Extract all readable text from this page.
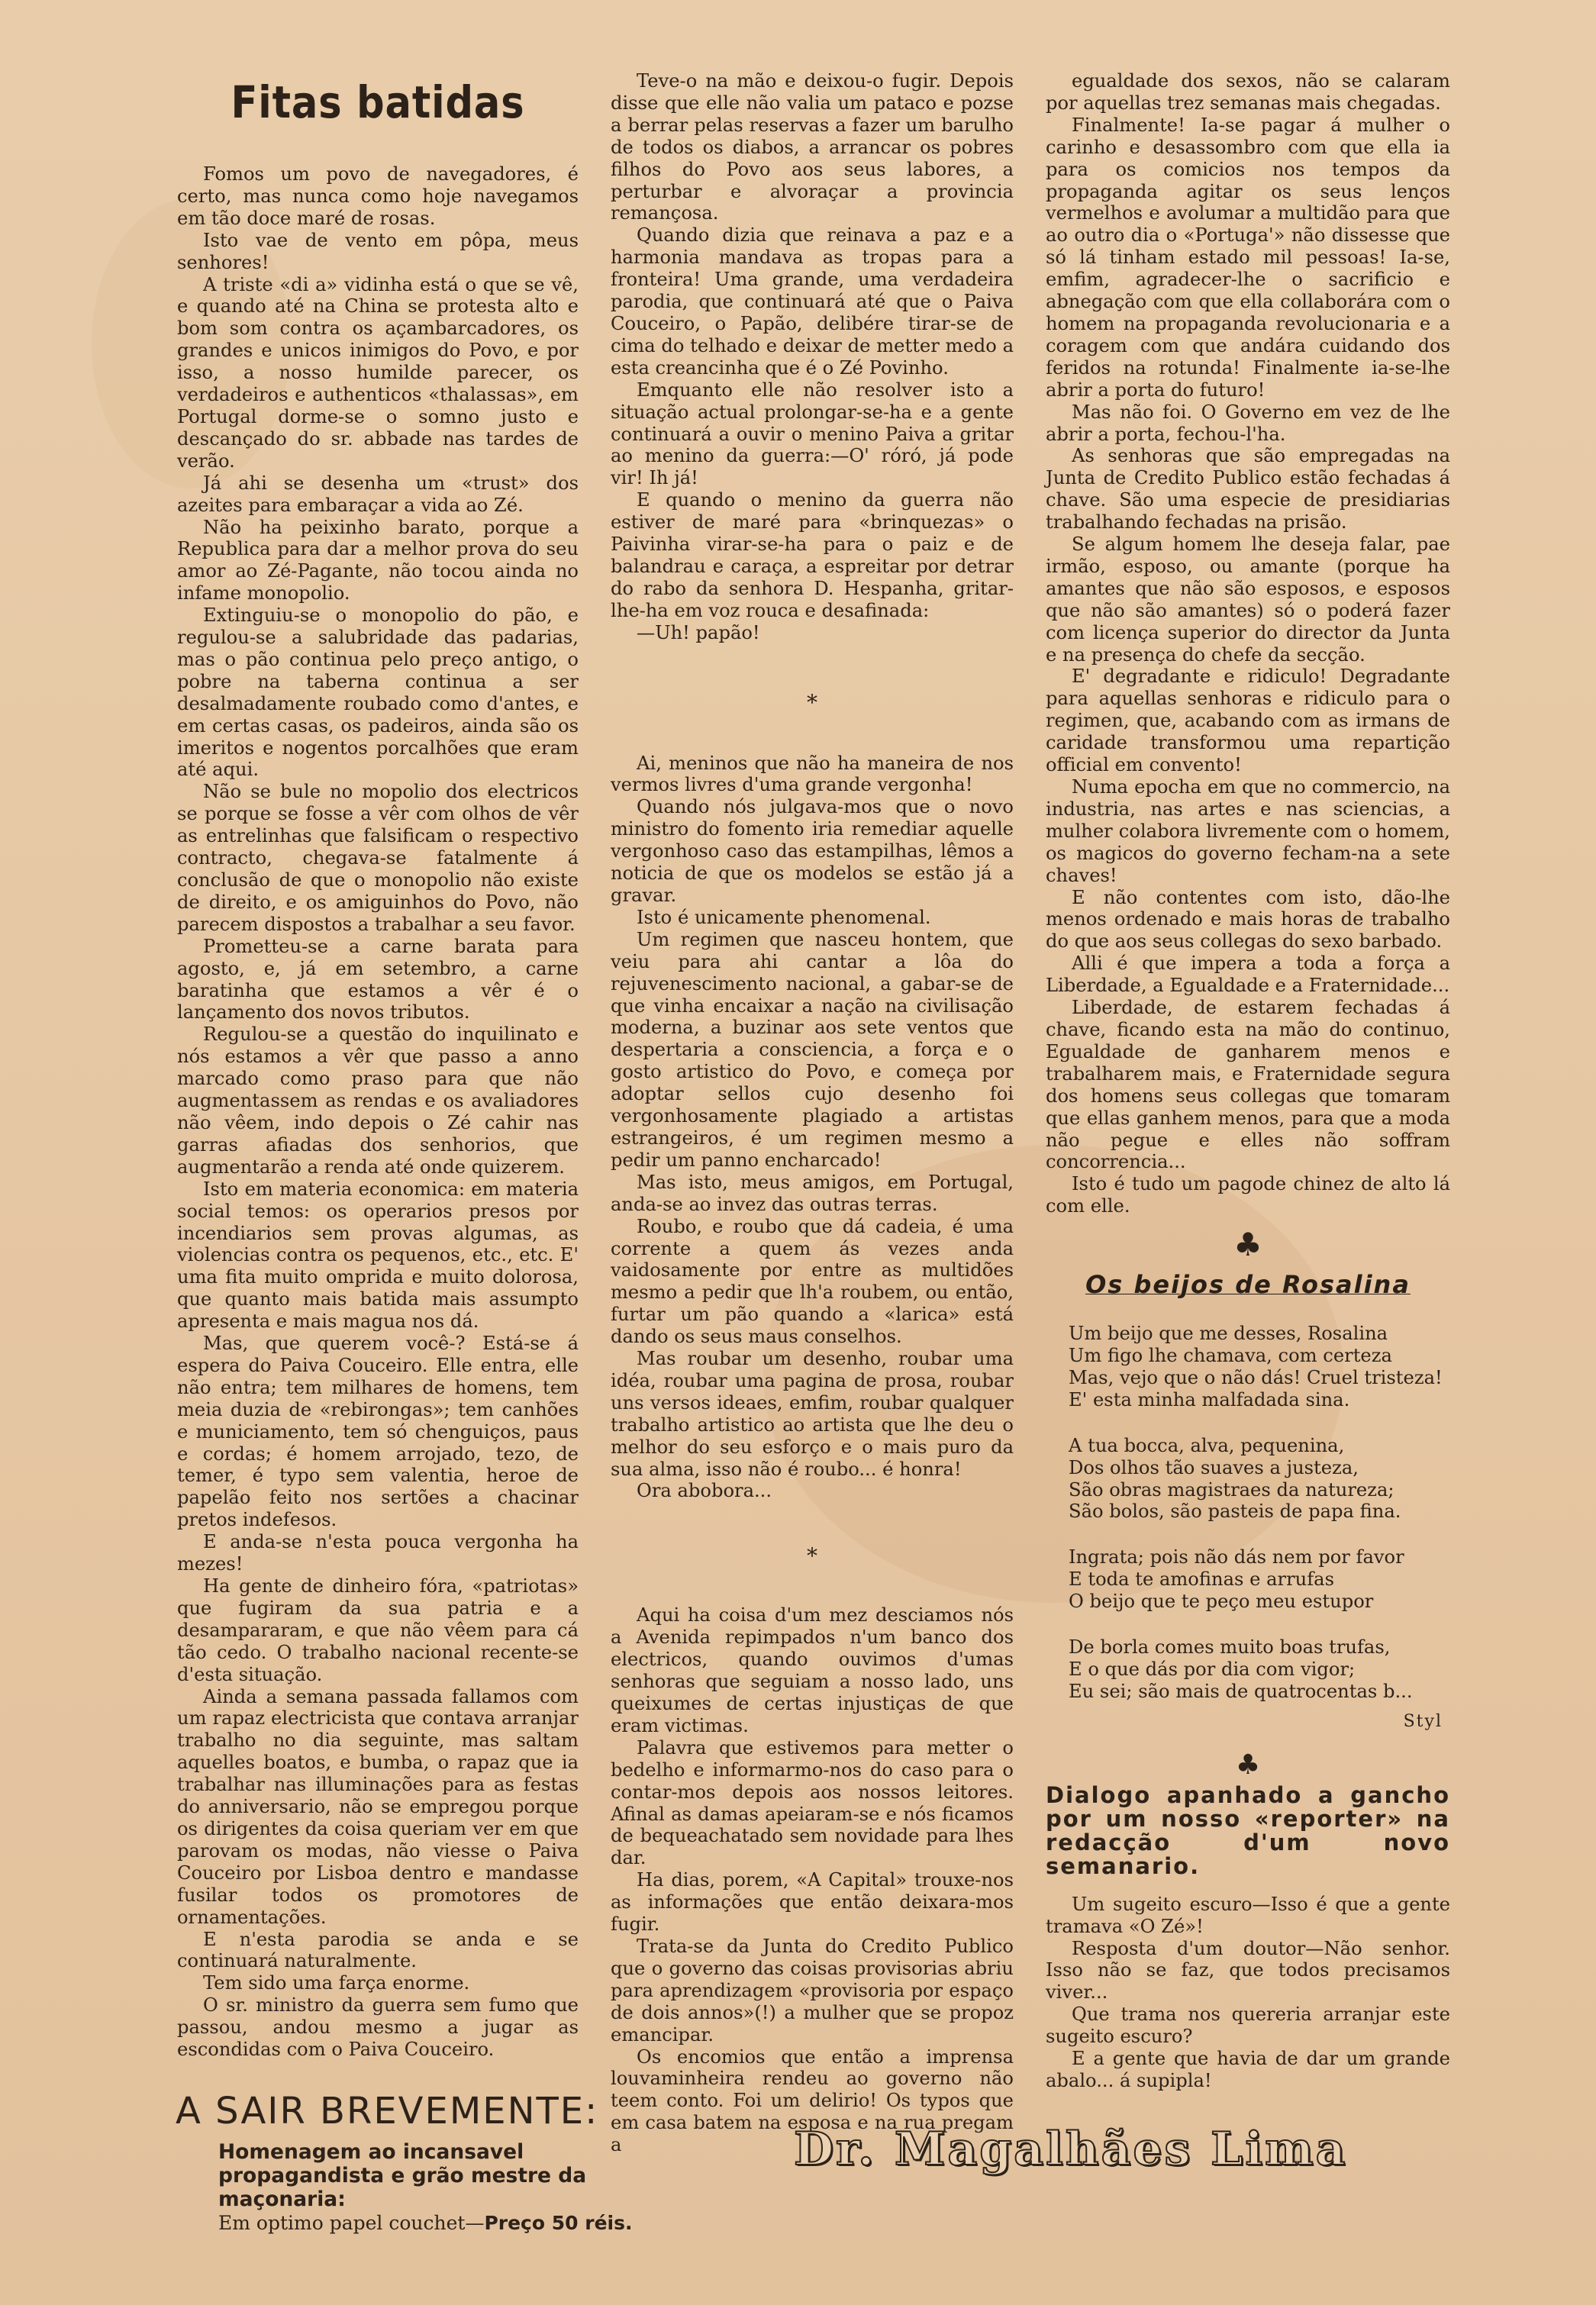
Fitas batidas

Fomos um povo de navegadores, é certo, mas nunca como hoje navegamos em tão doce maré de rosas.

Isto vae de vento em pôpa, meus senhores!

A triste «di a» vidinha está o que se vê, e quando até na China se protesta alto e bom som contra os açambarcadores, os grandes e unicos inimigos do Povo, e por isso, a nosso humilde parecer, os verdadeiros e authenticos «thalassas», em Portugal dorme-se o somno justo e descançado do sr. abbade nas tardes de verão.

Já ahi se desenha um «trust» dos azeites para embaraçar a vida ao Zé.

Não ha peixinho barato, porque a Republica para dar a melhor prova do seu amor ao Zé-Pagante, não tocou ainda no infame monopolio.

Extinguiu-se o monopolio do pão, e regulou-se a salubridade das padarias, mas o pão continua pelo preço antigo, o pobre na taberna continua a ser desalmadamente roubado como d'antes, e em certas casas, os padeiros, ainda são os imeritos e nogentos porcalhões que eram até aqui.

Não se bule no mopolio dos electricos se porque se fosse a vêr com olhos de vêr as entrelinhas que falsificam o respectivo contracto, chegava-se fatalmente á conclusão de que o monopolio não existe de direito, e os amiguinhos do Povo, não parecem dispostos a trabalhar a seu favor.

Prometteu-se a carne barata para agosto, e, já em setembro, a carne baratinha que estamos a vêr é o lançamento dos novos tributos.

Regulou-se a questão do inquilinato e nós estamos a vêr que passo a anno marcado como praso para que não augmentassem as rendas e os avaliadores não vêem, indo depois o Zé cahir nas garras afiadas dos senhorios, que augmentarão a renda até onde quizerem.

Isto em materia economica: em materia social temos: os operarios presos por incendiarios sem provas algumas, as violencias contra os pequenos, etc., etc. E' uma fita muito omprida e muito dolorosa, que quanto mais batida mais assumpto apresenta e mais magua nos dá.

Mas, que querem você-? Está-se á espera do Paiva Couceiro. Elle entra, elle não entra; tem milhares de homens, tem meia duzia de «rebirongas»; tem canhões e municiamento, tem só chenguiços, paus e cordas; é homem arrojado, tezo, de temer, é typo sem valentia, heroe de papelão feito nos sertões a chacinar pretos indefesos.

E anda-se n'esta pouca vergonha ha mezes!

Ha gente de dinheiro fóra, «patriotas» que fugiram da sua patria e a desampararam, e que não vêem para cá tão cedo. O trabalho nacional recente-se d'esta situação.

Ainda a semana passada fallamos com um rapaz electricista que contava arranjar trabalho no dia seguinte, mas saltam aquelles boatos, e bumba, o rapaz que ia trabalhar nas illuminações para as festas do anniversario, não se empregou porque os dirigentes da coisa queriam ver em que parovam os modas, não viesse o Paiva Couceiro por Lisboa dentro e mandasse fusilar todos os promotores de ornamentações.

E n'esta parodia se anda e se continuará naturalmente.

Tem sido uma farça enorme.

O sr. ministro da guerra sem fumo que passou, andou mesmo a jugar as escondidas com o Paiva Couceiro.

Teve-o na mão e deixou-o fugir. Depois disse que elle não valia um pataco e pozse a berrar pelas reservas a fazer um barulho de todos os diabos, a arrancar os pobres filhos do Povo aos seus labores, a perturbar e alvoraçar a provincia remançosa.

Quando dizia que reinava a paz e a harmonia mandava as tropas para a fronteira! Uma grande, uma verdadeira parodia, que continuará até que o Paiva Couceiro, o Papão, delibére tirar-se de cima do telhado e deixar de metter medo a esta creancinha que é o Zé Povinho.

Emquanto elle não resolver isto a situação actual prolongar-se-ha e a gente continuará a ouvir o menino Paiva a gritar ao menino da guerra:—O' róró, já pode vir! Ih já!

E quando o menino da guerra não estiver de maré para «brinquezas» o Paivinha virar-se-ha para o paiz e de balandrau e caraça, a espreitar por detrar do rabo da senhora D. Hespanha, gritar-lhe-ha em voz rouca e desafinada:

—Uh! papão!

*

Ai, meninos que não ha maneira de nos vermos livres d'uma grande vergonha!

Quando nós julgava-mos que o novo ministro do fomento iria remediar aquelle vergonhoso caso das estampilhas, lêmos a noticia de que os modelos se estão já a gravar.

Isto é unicamente phenomenal.

Um regimen que nasceu hontem, que veiu para ahi cantar a lôa do rejuvenescimento nacional, a gabar-se de que vinha encaixar a nação na civilisação moderna, a buzinar aos sete ventos que despertaria a consciencia, a força e o gosto artistico do Povo, e começa por adoptar sellos cujo desenho foi vergonhosamente plagiado a artistas estrangeiros, é um regimen mesmo a pedir um panno encharcado!

Mas isto, meus amigos, em Portugal, anda-se ao invez das outras terras.

Roubo, e roubo que dá cadeia, é uma corrente a quem ás vezes anda vaidosamente por entre as multidões mesmo a pedir que lh'a roubem, ou então, furtar um pão quando a «larica» está dando os seus maus conselhos.

Mas roubar um desenho, roubar uma idéa, roubar uma pagina de prosa, roubar uns versos ideaes, emfim, roubar qualquer trabalho artistico ao artista que lhe deu o melhor do seu esforço e o mais puro da sua alma, isso não é roubo... é honra!

Ora abobora...

*

Aqui ha coisa d'um mez desciamos nós a Avenida repimpados n'um banco dos electricos, quando ouvimos d'umas senhoras que seguiam a nosso lado, uns queixumes de certas injustiças de que eram victimas.

Palavra que estivemos para metter o bedelho e informarmo-nos do caso para o contar-mos depois aos nossos leitores. Afinal as damas apeiaram-se e nós ficamos de bequeachatado sem novidade para lhes dar.

Ha dias, porem, «A Capital» trouxe-nos as informações que então deixara-mos fugir.

Trata-se da Junta do Credito Publico que o governo das coisas provisorias abriu para aprendizagem «provisoria por espaço de dois annos»(!) a mulher que se propoz emancipar.

Os encomios que então a imprensa louvaminheira rendeu ao governo não teem conto. Foi um delirio! Os typos que em casa batem na esposa e na rua pregam a

egualdade dos sexos, não se calaram por aquellas trez semanas mais chegadas.

Finalmente! Ia-se pagar á mulher o carinho e desassombro com que ella ia para os comicios nos tempos da propaganda agitar os seus lenços vermelhos e avolumar a multidão para que ao outro dia o «Portuga'» não dissesse que só lá tinham estado mil pessoas! Ia-se, emfim, agradecer-lhe o sacrificio e abnegação com que ella collaborára com o homem na propaganda revolucionaria e a coragem com que andára cuidando dos feridos na rotunda! Finalmente ia-se-lhe abrir a porta do futuro!

Mas não foi. O Governo em vez de lhe abrir a porta, fechou-l'ha.

As senhoras que são empregadas na Junta de Credito Publico estão fechadas á chave. São uma especie de presidiarias trabalhando fechadas na prisão.

Se algum homem lhe deseja falar, pae irmão, esposo, ou amante (porque ha amantes que não são esposos, e esposos que não são amantes) só o poderá fazer com licença superior do director da Junta e na presença do chefe da secção.

E' degradante e ridiculo! Degradante para aquellas senhoras e ridiculo para o regimen, que, acabando com as irmans de caridade transformou uma repartição official em convento!

Numa epocha em que no commercio, na industria, nas artes e nas sciencias, a mulher colabora livremente com o homem, os magicos do governo fecham-na a sete chaves!

E não contentes com isto, dão-lhe menos ordenado e mais horas de trabalho do que aos seus collegas do sexo barbado.

Alli é que impera a toda a força a Liberdade, a Egualdade e a Fraternidade...

Liberdade, de estarem fechadas á chave, ficando esta na mão do continuo, Egualdade de ganharem menos e trabalharem mais, e Fraternidade segura dos homens seus collegas que tomaram que ellas ganhem menos, para que a moda não pegue e elles não soffram concorrencia...

Isto é tudo um pagode chinez de alto lá com elle.

♣
Os beijos de Rosalina
Um beijo que me desses, Rosalina
Um figo lhe chamava, com certeza
Mas, vejo que o não dás! Cruel tristeza!
E' esta minha malfadada sina.
A tua bocca, alva, pequenina,
Dos olhos tão suaves a justeza,
São obras magistraes da natureza;
São bolos, são pasteis de papa fina.
Ingrata; pois não dás nem por favor
E toda te amofinas e arrufas
O beijo que te peço meu estupor
De borla comes muito boas trufas,
E o que dás por dia com vigor;
Eu sei; são mais de quatrocentas b...
Styl
♣
Dialogo apanhado a gancho por um nosso «reporter» na redacção d'um novo semanario.

Um sugeito escuro—Isso é que a gente tramava «O Zé»!

Resposta d'um doutor—Não senhor. Isso não se faz, que todos precisamos viver...

Que trama nos quereria arranjar este sugeito escuro?

E a gente que havia de dar um grande abalo... á supipla!

A SAIR BREVEMENTE:
Homenagem ao incansavel propagandista e grão mestre da maçonaria:
Em optimo papel couchet—Preço 50 réis.
Dr. Magalhães Lima
